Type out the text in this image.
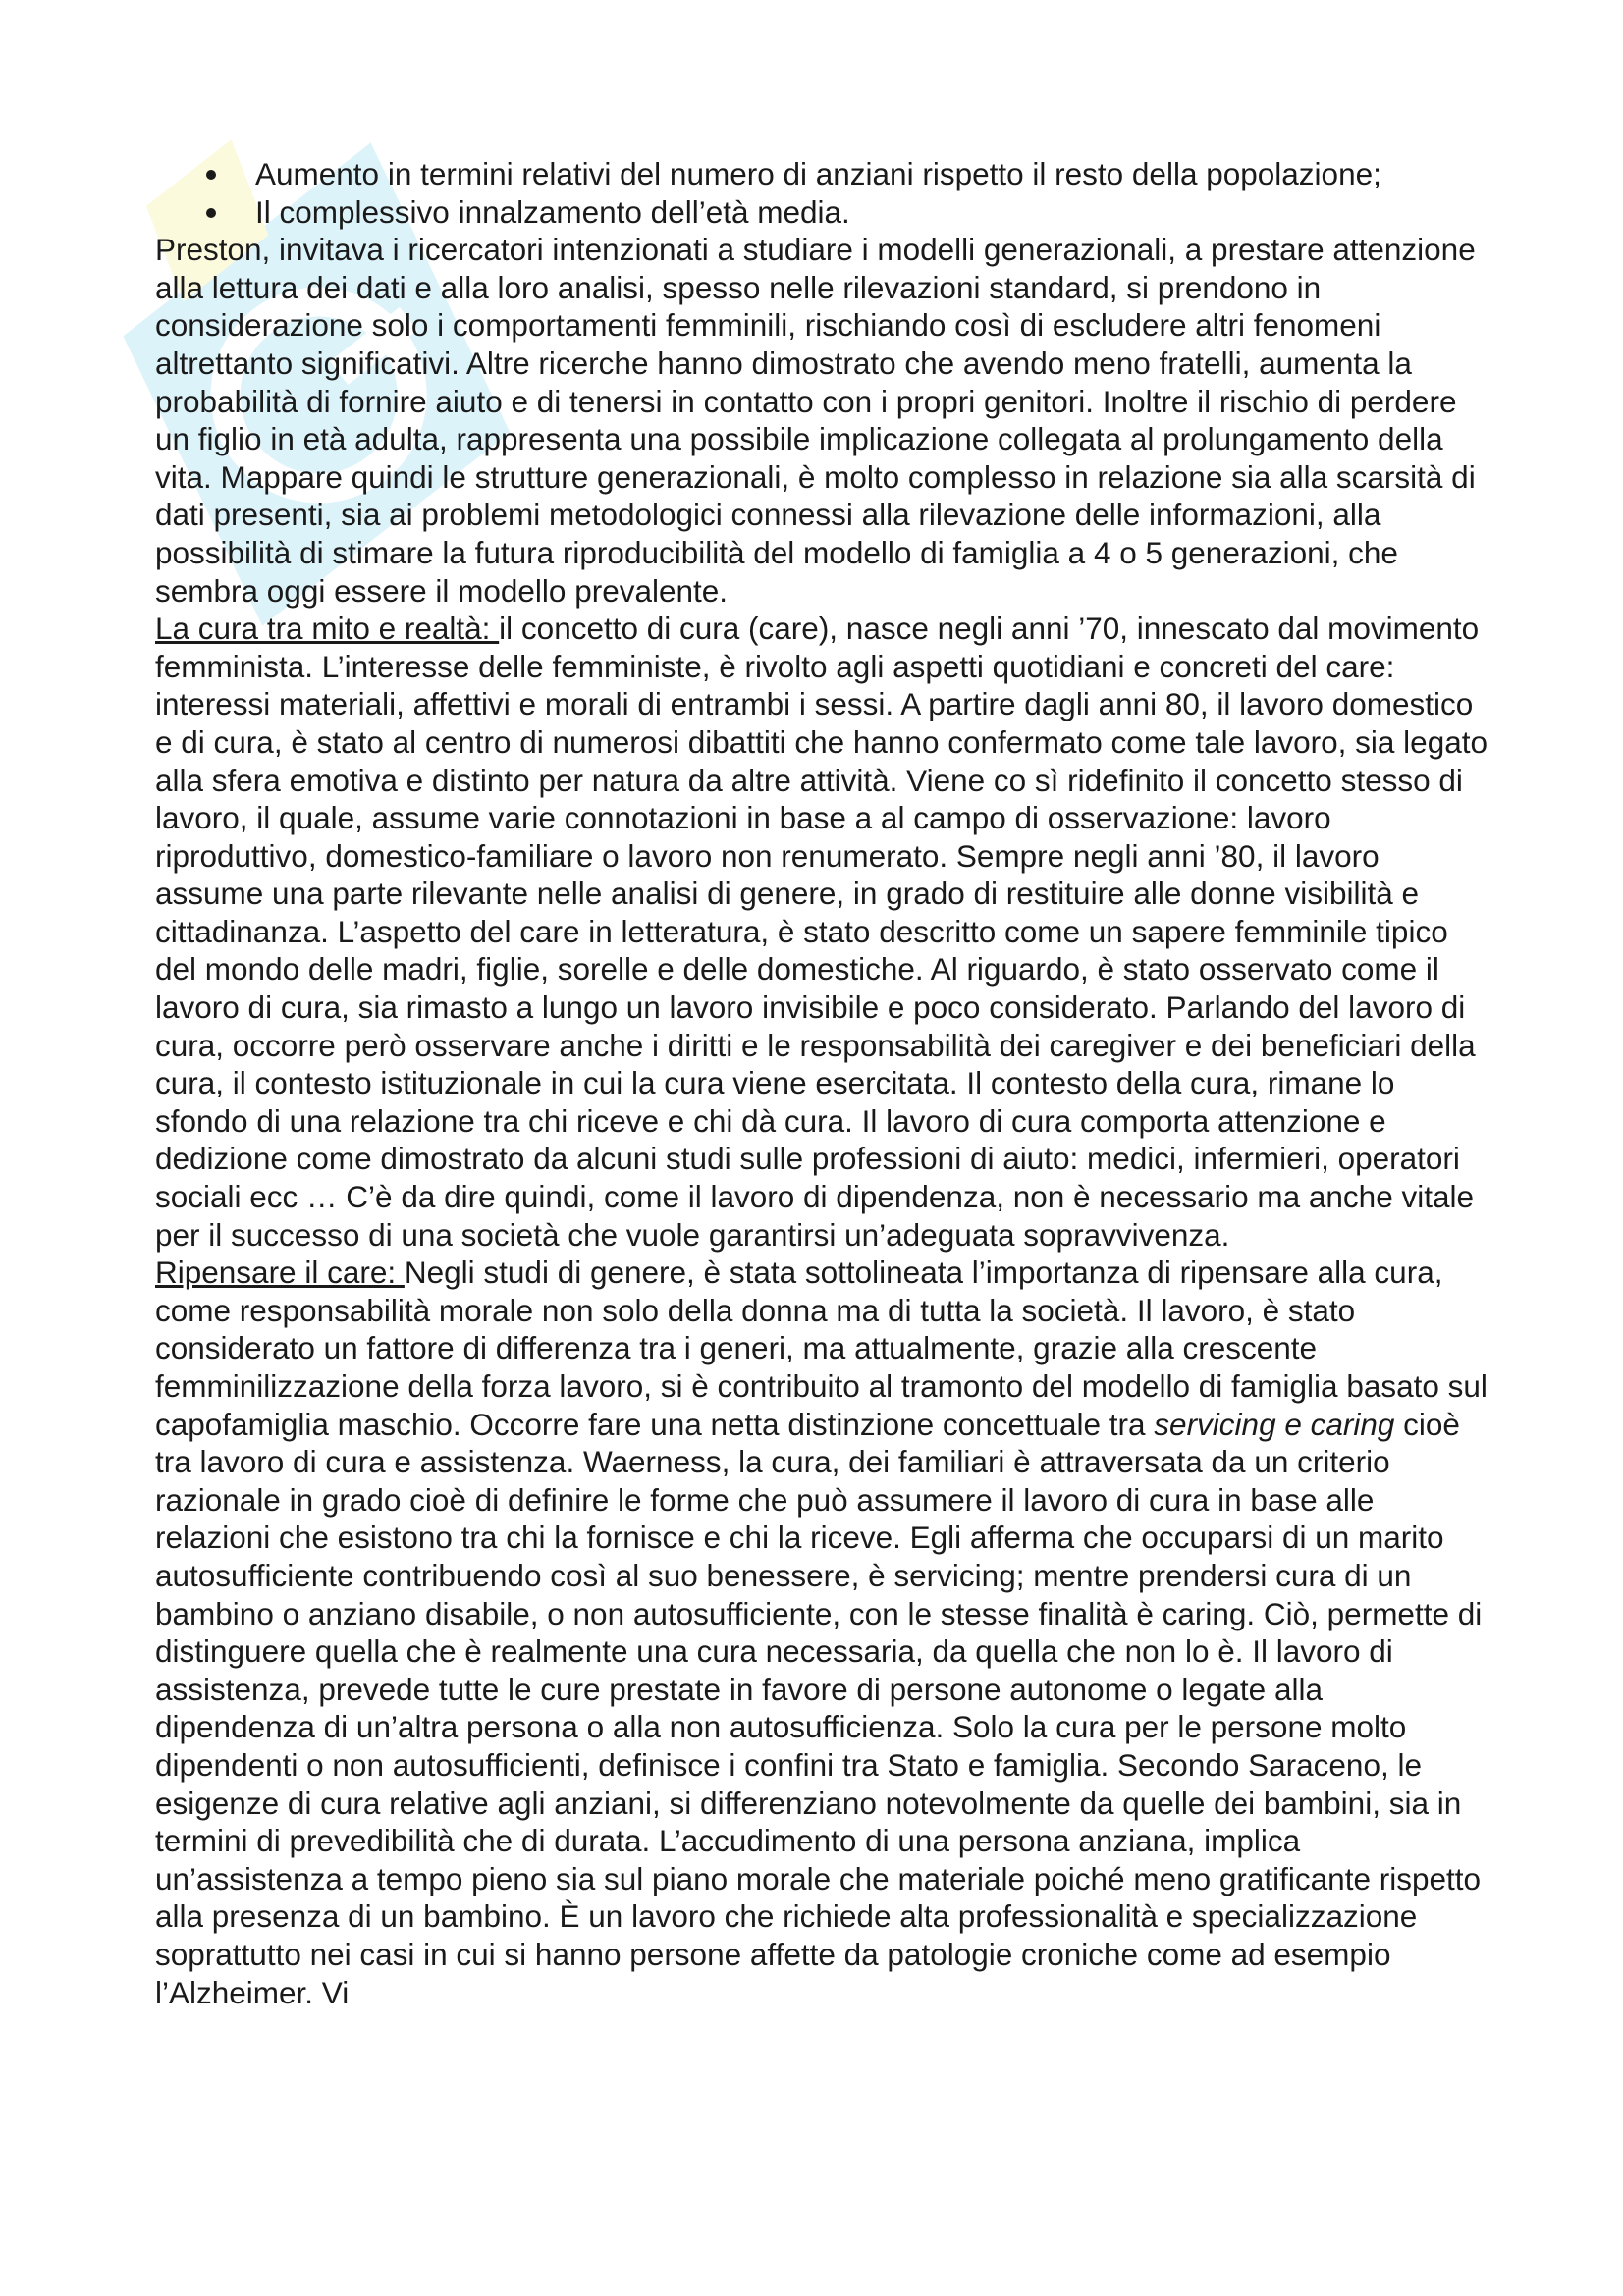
Aumento in termini relativi del numero di anziani rispetto il resto della popolazione;
Il complessivo innalzamento dell’età media.

Preston, invitava i ricercatori intenzionati a studiare i modelli generazionali, a prestare attenzione alla lettura dei dati e alla loro analisi, spesso nelle rilevazioni standard, si prendono in considerazione solo i comportamenti femminili, rischiando così di escludere altri fenomeni altrettanto significativi. Altre ricerche hanno dimostrato che avendo meno fratelli, aumenta la probabilità di fornire aiuto e di tenersi in contatto con i propri genitori. Inoltre il rischio di perdere un figlio in età adulta, rappresenta una possibile implicazione collegata al prolungamento della vita. Mappare quindi le strutture generazionali, è molto complesso in relazione sia alla scarsità di dati presenti, sia ai problemi metodologici connessi alla rilevazione delle informazioni, alla possibilità di stimare la futura riproducibilità del modello di famiglia a 4 o 5 generazioni, che sembra oggi essere il modello prevalente.

La cura tra mito e realtà: il concetto di cura (care), nasce negli anni ’70, innescato dal movimento femminista. L’interesse delle femministe, è rivolto agli aspetti quotidiani e concreti del care: interessi materiali, affettivi e morali di entrambi i sessi. A partire dagli anni 80, il lavoro domestico e di cura, è stato al centro di numerosi dibattiti che hanno confermato come tale lavoro, sia legato alla sfera emotiva e distinto per natura da altre attività. Viene co sì ridefinito il concetto stesso di lavoro, il quale, assume varie connotazioni in base a al campo di osservazione: lavoro riproduttivo, domestico-familiare o lavoro non renumerato. Sempre negli anni ’80, il lavoro assume una parte rilevante nelle analisi di genere, in grado di restituire alle donne visibilità e cittadinanza. L’aspetto del care in letteratura, è stato descritto come un sapere femminile tipico del mondo delle madri, figlie, sorelle e delle domestiche. Al riguardo, è stato osservato come il lavoro di cura, sia rimasto a lungo un lavoro invisibile e poco considerato. Parlando del lavoro di cura, occorre però osservare anche i diritti e le responsabilità dei caregiver e dei beneficiari della cura, il contesto istituzionale in cui la cura viene esercitata. Il contesto della cura, rimane lo sfondo di una relazione tra chi riceve e chi dà cura. Il lavoro di cura comporta attenzione e dedizione come dimostrato da alcuni studi sulle professioni di aiuto: medici, infermieri, operatori sociali ecc … C’è da dire quindi, come il lavoro di dipendenza, non è necessario ma anche vitale per il successo di una società che vuole garantirsi un’adeguata sopravvivenza.

Ripensare il care: Negli studi di genere, è stata sottolineata l’importanza di ripensare alla cura, come responsabilità morale non solo della donna ma di tutta la società. Il lavoro, è stato considerato un fattore di differenza tra i generi, ma attualmente, grazie alla crescente femminilizzazione della forza lavoro, si è contribuito al tramonto del modello di famiglia basato sul capofamiglia maschio. Occorre fare una netta distinzione concettuale tra servicing e caring cioè tra lavoro di cura e assistenza. Waerness, la cura, dei familiari è attraversata da un criterio razionale in grado cioè di definire le forme che può assumere il lavoro di cura in base alle relazioni che esistono tra chi la fornisce e chi la riceve. Egli afferma che occuparsi di un marito autosufficiente contribuendo così al suo benessere, è servicing; mentre prendersi cura di un bambino o anziano disabile, o non autosufficiente, con le stesse finalità è caring. Ciò, permette di distinguere quella che è realmente una cura necessaria, da quella che non lo è. Il lavoro di assistenza, prevede tutte le cure prestate in favore di persone autonome o legate alla dipendenza di un’altra persona o alla non autosufficienza. Solo la cura per le persone molto dipendenti o non autosufficienti, definisce i confini tra Stato e famiglia. Secondo Saraceno, le esigenze di cura relative agli anziani, si differenziano notevolmente da quelle dei bambini, sia in termini di prevedibilità che di durata. L’accudimento di una persona anziana, implica un’assistenza a tempo pieno sia sul piano morale che materiale poiché meno gratificante rispetto alla presenza di un bambino. È un lavoro che richiede alta professionalità e specializzazione soprattutto nei casi in cui si hanno persone affette da patologie croniche come ad esempio l’Alzheimer. Vi
